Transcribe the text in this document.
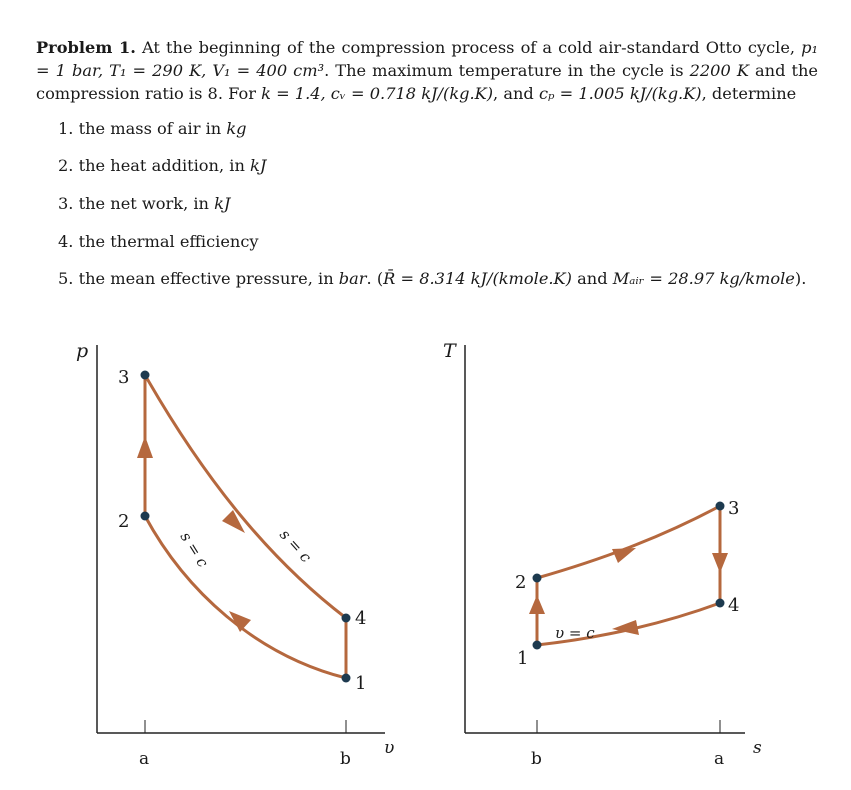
Problem 1. At the beginning of the compression process of a cold air-standard Otto cycle, p₁ = 1 bar, T₁ = 290 K, V₁ = 400 cm³. The maximum temperature in the cycle is 2200 K and the compression ratio is 8. For k = 1.4, cᵥ = 0.718 kJ/(kg.K), and cₚ = 1.005 kJ/(kg.K), determine
1. the mass of air in kg
2. the heat addition, in kJ
3. the net work, in kJ
4. the thermal efficiency
5. the mean effective pressure, in bar. (R̄ = 8.314 kJ/(kmole.K) and Mₐᵢᵣ = 28.97 kg/kmole).
p
υ
a	b
1
2
3
4
s = c	s = c
T
s
b	a
1
2
3
4
υ = c
